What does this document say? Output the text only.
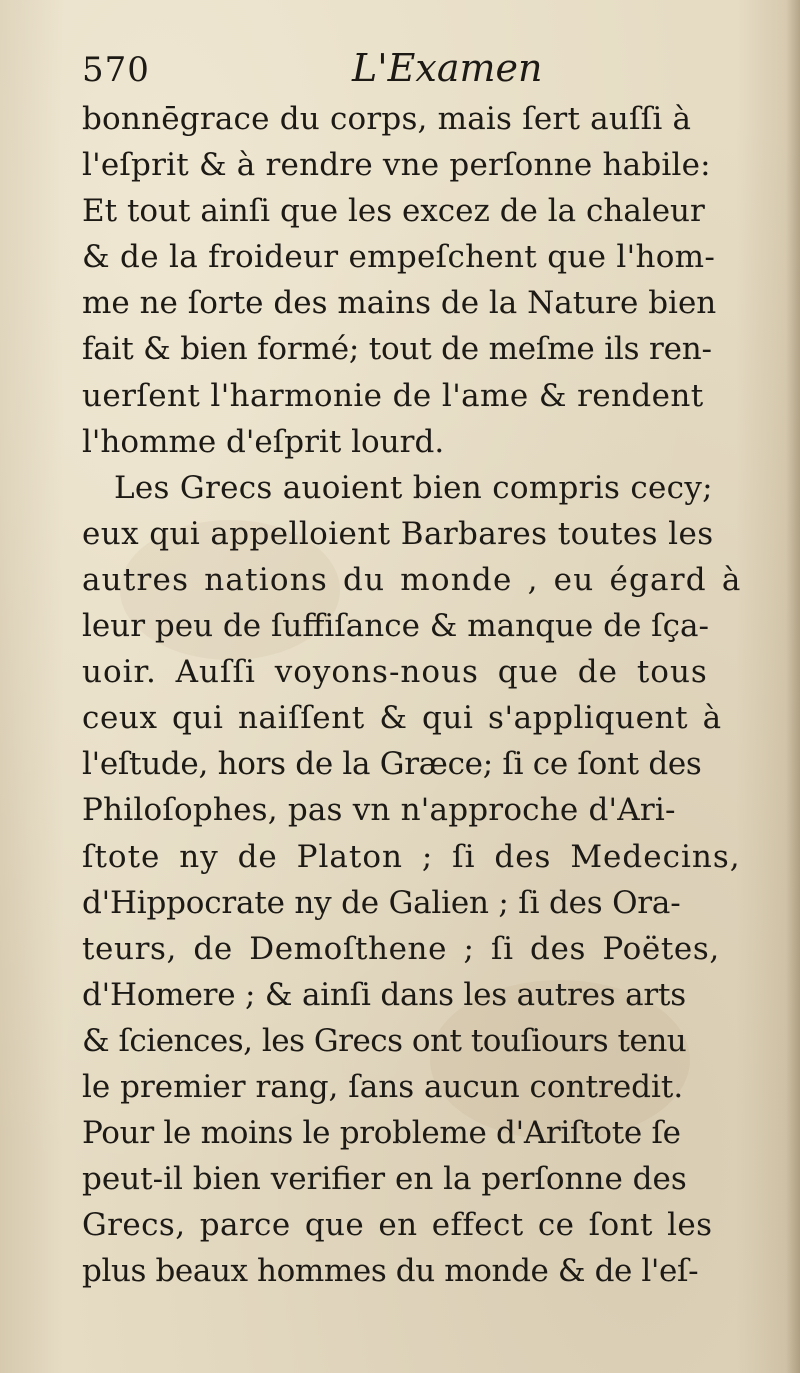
570	L'Examen
bonnēgrace du corps, mais ſert auſſi à
l'eſprit & à rendre vne perſonne habile:
Et tout ainſi que les excez de la chaleur
& de la froideur empeſchent que l'hom-
me ne ſorte des mains de la Nature bien
fait & bien formé; tout de meſme ils ren-
uerſent l'harmonie de l'ame & rendent
l'homme d'eſprit lourd.
Les Grecs auoient bien compris cecy;
eux qui appelloient Barbares toutes les
autres nations du monde , eu égard à
leur peu de ſuffiſance & manque de ſça-
uoir. Auſſi voyons-nous que de tous
ceux qui naiſſent & qui s'appliquent à
l'eſtude, hors de la Græce; ſi ce ſont des
Philoſophes, pas vn n'approche d'Ari-
ſtote ny de Platon ; ſi des Medecins,
d'Hippocrate ny de Galien ; ſi des Ora-
teurs, de Demoſthene ; ſi des Poëtes,
d'Homere ; & ainſi dans les autres arts
& ſciences, les Grecs ont touſiours tenu
le premier rang, ſans aucun contredit.
Pour le moins le probleme d'Ariſtote ſe
peut-il bien verifier en la perſonne des
Grecs, parce que en effect ce ſont les
plus beaux hommes du monde & de l'eſ-
